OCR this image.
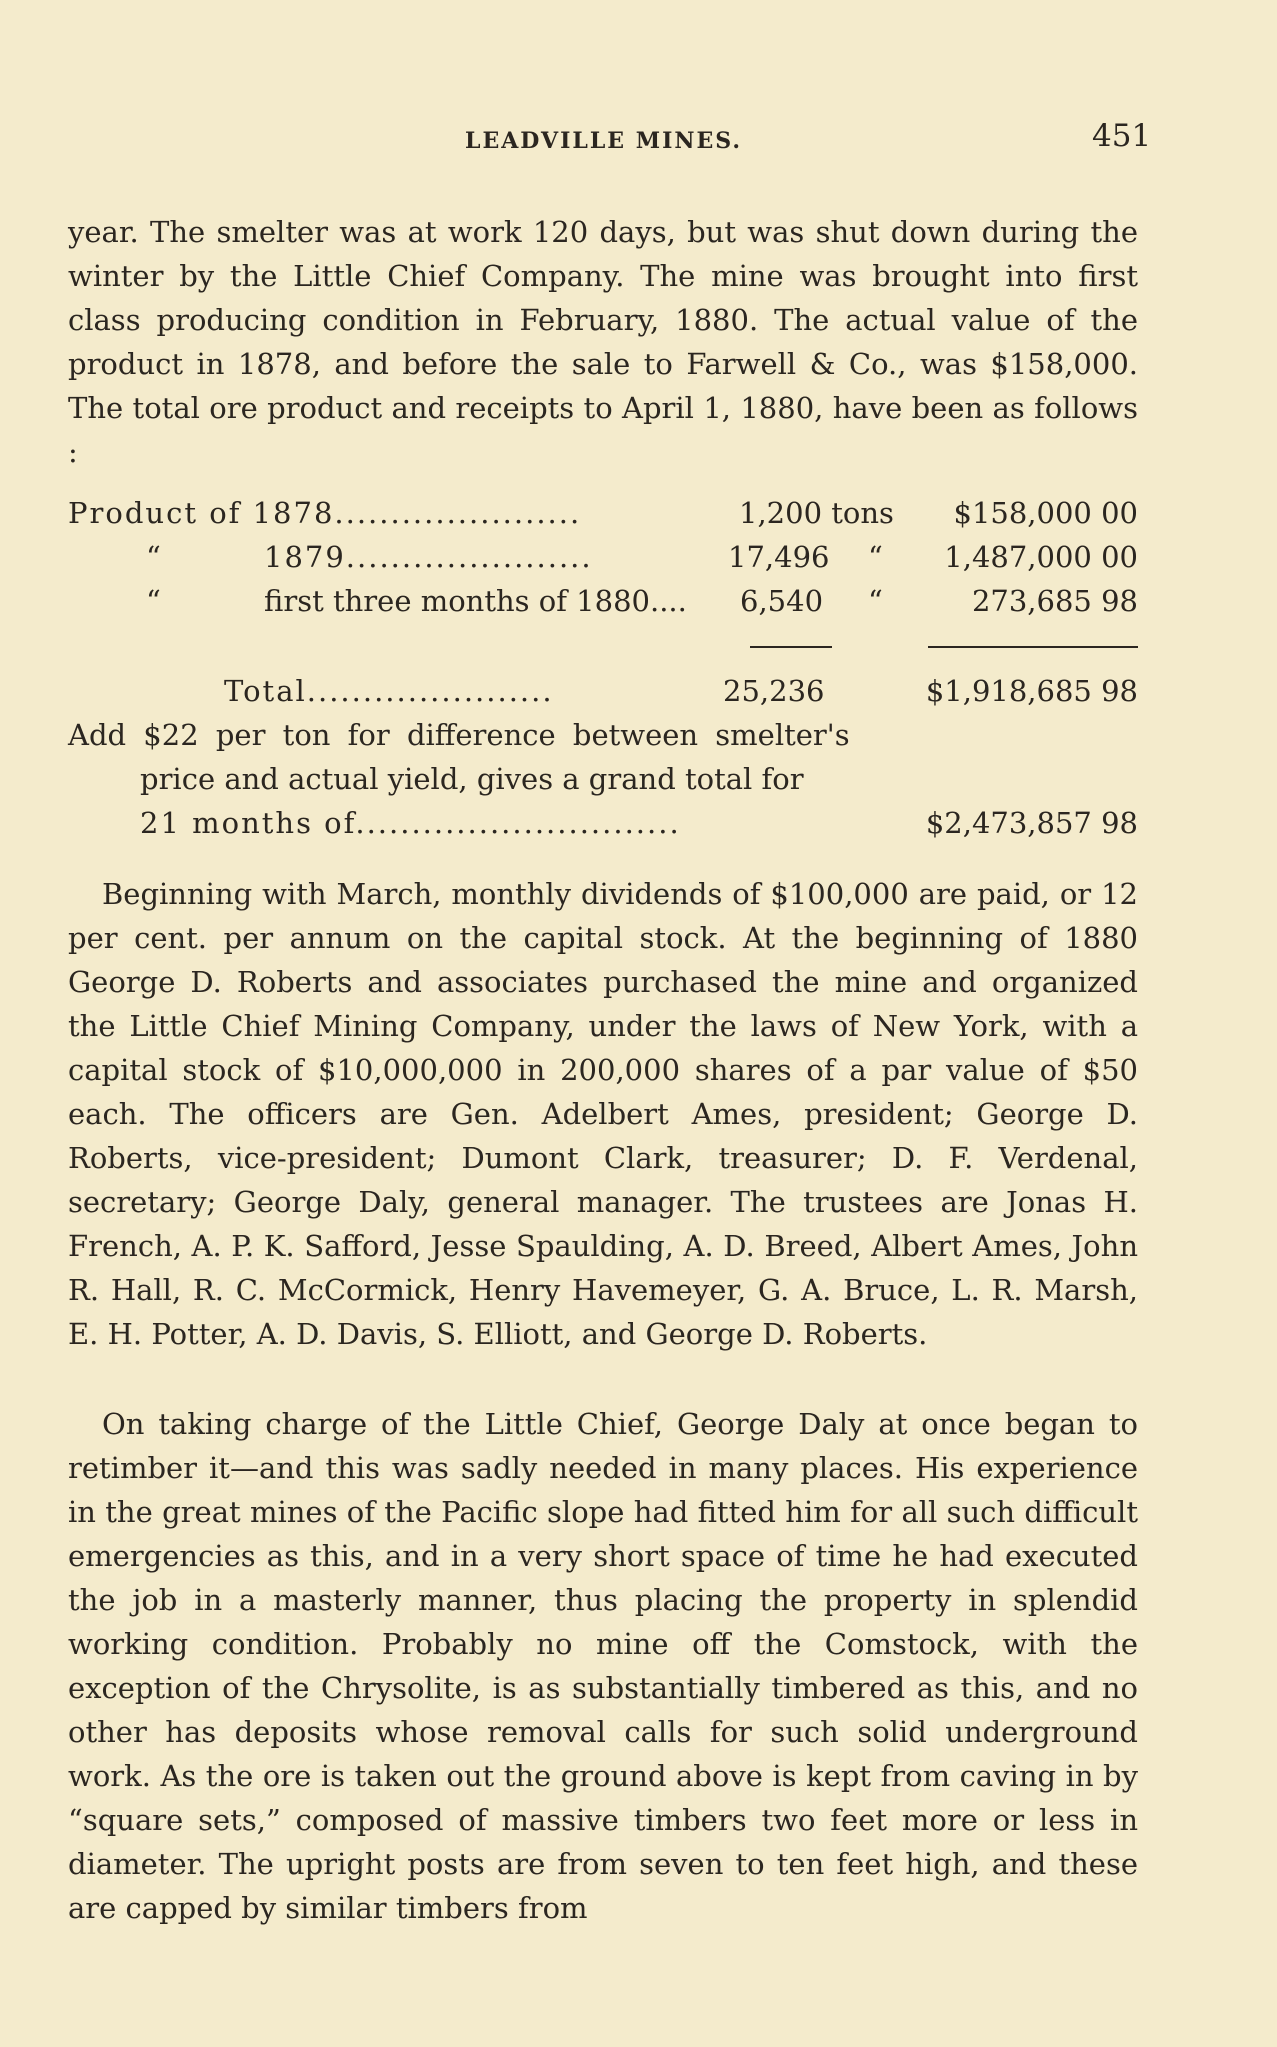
LEADVILLE MINES.	451
year. The smelter was at work 120 days, but was shut down during the winter by the Little Chief Company. The mine was brought into first class producing condition in February, 1880. The actual value of the product in 1878, and before the sale to Farwell & Co., was $158,000. The total ore product and receipts to April 1, 1880, have been as follows :
Product of 1878......................	1,200 tons $158,000 00
“	1879......................	17,496 “ 1,487,000 00
“	first three months of 1880.... 6,540 “	273,685 98
Total......................	25,236	$1,918,685 98
Add $22 per ton for difference between smelter's
price and actual yield, gives a grand total for
21 months of.............................	$2,473,857 98
Beginning with March, monthly dividends of $100,000 are paid, or 12 per cent. per annum on the capital stock. At the beginning of 1880 George D. Roberts and associates purchased the mine and organized the Little Chief Mining Company, under the laws of New York, with a capital stock of $10,000,000 in 200,000 shares of a par value of $50 each. The officers are Gen. Adelbert Ames, president; George D. Roberts, vice-president; Dumont Clark, treasurer; D. F. Verdenal, secretary; George Daly, general manager. The trustees are Jonas H. French, A. P. K. Safford, Jesse Spaulding, A. D. Breed, Albert Ames, John R. Hall, R. C. McCormick, Henry Havemeyer, G. A. Bruce, L. R. Marsh, E. H. Potter, A. D. Davis, S. Elliott, and George D. Roberts.
On taking charge of the Little Chief, George Daly at once began to retimber it—and this was sadly needed in many places. His experience in the great mines of the Pacific slope had fitted him for all such difficult emergencies as this, and in a very short space of time he had executed the job in a masterly manner, thus placing the property in splendid working condition. Probably no mine off the Comstock, with the exception of the Chrysolite, is as substantially timbered as this, and no other has deposits whose removal calls for such solid underground work. As the ore is taken out the ground above is kept from caving in by “square sets,” composed of massive timbers two feet more or less in diameter. The upright posts are from seven to ten feet high, and these are capped by similar timbers from
